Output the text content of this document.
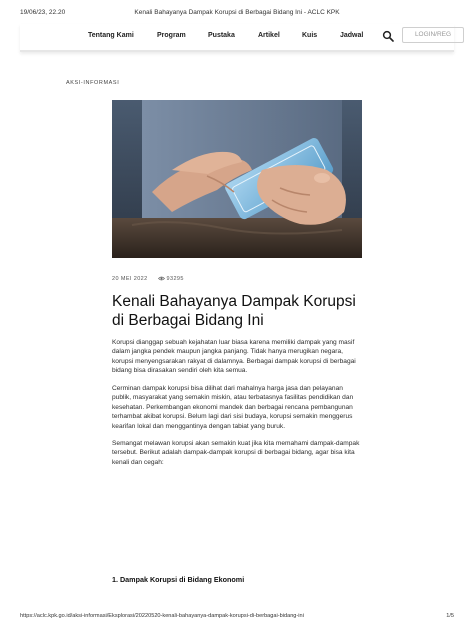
19/06/23, 22.20	Kenali Bahayanya Dampak Korupsi di Berbagai Bidang Ini - ACLC KPK
Tentang Kami	Program	Pustaka	Artikel	Kuis	Jadwal	LOGIN/REG
AKSI-INFORMASI
20 MEI 2022	93295
Kenali Bahayanya Dampak Korupsi di Berbagai Bidang Ini

Korupsi dianggap sebuah kejahatan luar biasa karena memiliki dampak yang masif dalam jangka pendek maupun jangka panjang. Tidak hanya merugikan negara, korupsi menyengsarakan rakyat di dalamnya. Berbagai dampak korupsi di berbagai bidang bisa dirasakan sendiri oleh kita semua.

Cerminan dampak korupsi bisa dilihat dari mahalnya harga jasa dan pelayanan publik, masyarakat yang semakin miskin, atau terbatasnya fasilitas pendidikan dan kesehatan. Perkembangan ekonomi mandek dan berbagai rencana pembangunan terhambat akibat korupsi. Belum lagi dari sisi budaya, korupsi semakin menggerus kearifan lokal dan menggantinya dengan tabiat yang buruk.

Semangat melawan korupsi akan semakin kuat jika kita memahami dampak-dampak tersebut. Berikut adalah dampak-dampak korupsi di berbagai bidang, agar bisa kita kenali dan cegah:

1. Dampak Korupsi di Bidang Ekonomi
https://aclc.kpk.go.id/aksi-informasi/Eksplorasi/20220520-kenali-bahayanya-dampak-korupsi-di-berbagai-bidang-ini	1/5
